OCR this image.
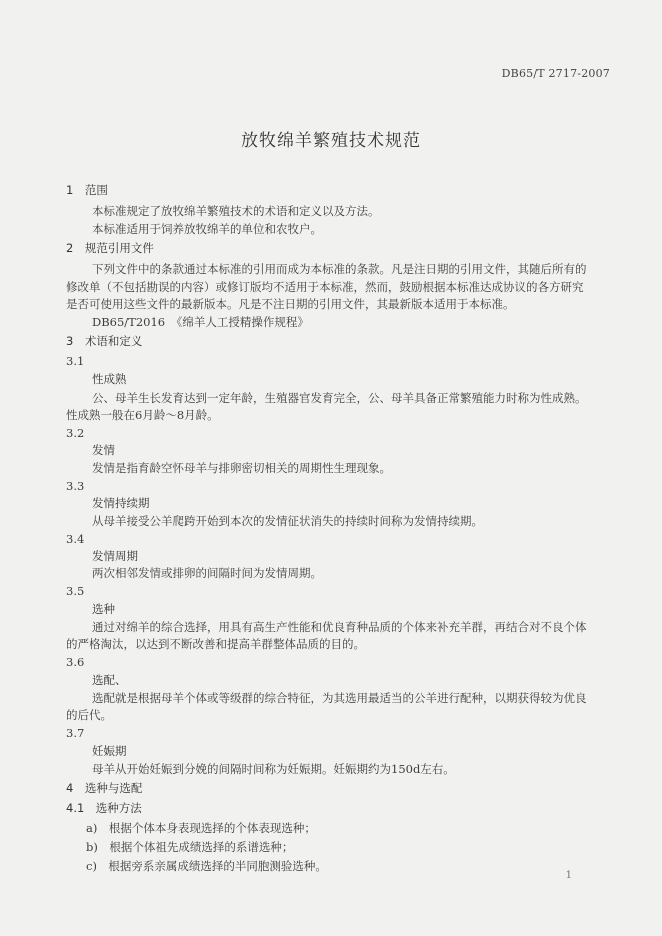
DB65/T 2717-2007
放牧绵羊繁殖技术规范
1　范围
本标准规定了放牧绵羊繁殖技术的术语和定义以及方法。
本标准适用于饲养放牧绵羊的单位和农牧户。
2　规范引用文件
下列文件中的条款通过本标准的引用而成为本标准的条款。凡是注日期的引用文件，其随后所有的
修改单（不包括勘误的内容）或修订版均不适用于本标准，然而，鼓励根据本标准达成协议的各方研究
是否可使用这些文件的最新版本。凡是不注日期的引用文件，其最新版本适用于本标准。
DB65/T2016　《绵羊人工授精操作规程》
3　术语和定义
3.1
性成熟
公、母羊生长发育达到一定年龄，生殖器官发育完全，公、母羊具备正常繁殖能力时称为性成熟。
性成熟一般在6月龄～8月龄。
3.2
发情
发情是指育龄空怀母羊与排卵密切相关的周期性生理现象。
3.3
发情持续期
从母羊接受公羊爬跨开始到本次的发情征状消失的持续时间称为发情持续期。
3.4
发情周期
两次相邻发情或排卵的间隔时间为发情周期。
3.5
选种
通过对绵羊的综合选择，用具有高生产性能和优良育种品质的个体来补充羊群，再结合对不良个体
的严格淘汰，以达到不断改善和提高羊群整体品质的目的。
3.6
选配、
选配就是根据母羊个体或等级群的综合特征，为其选用最适当的公羊进行配种，以期获得较为优良
的后代。
3.7
妊娠期
母羊从开始妊娠到分娩的间隔时间称为妊娠期。妊娠期约为150d左右。
4　选种与选配
4.1　选种方法
a)　根据个体本身表现选择的个体表现选种；
b)　根据个体祖先成绩选择的系谱选种；
c)　根据旁系亲属成绩选择的半同胞测验选种。
1
